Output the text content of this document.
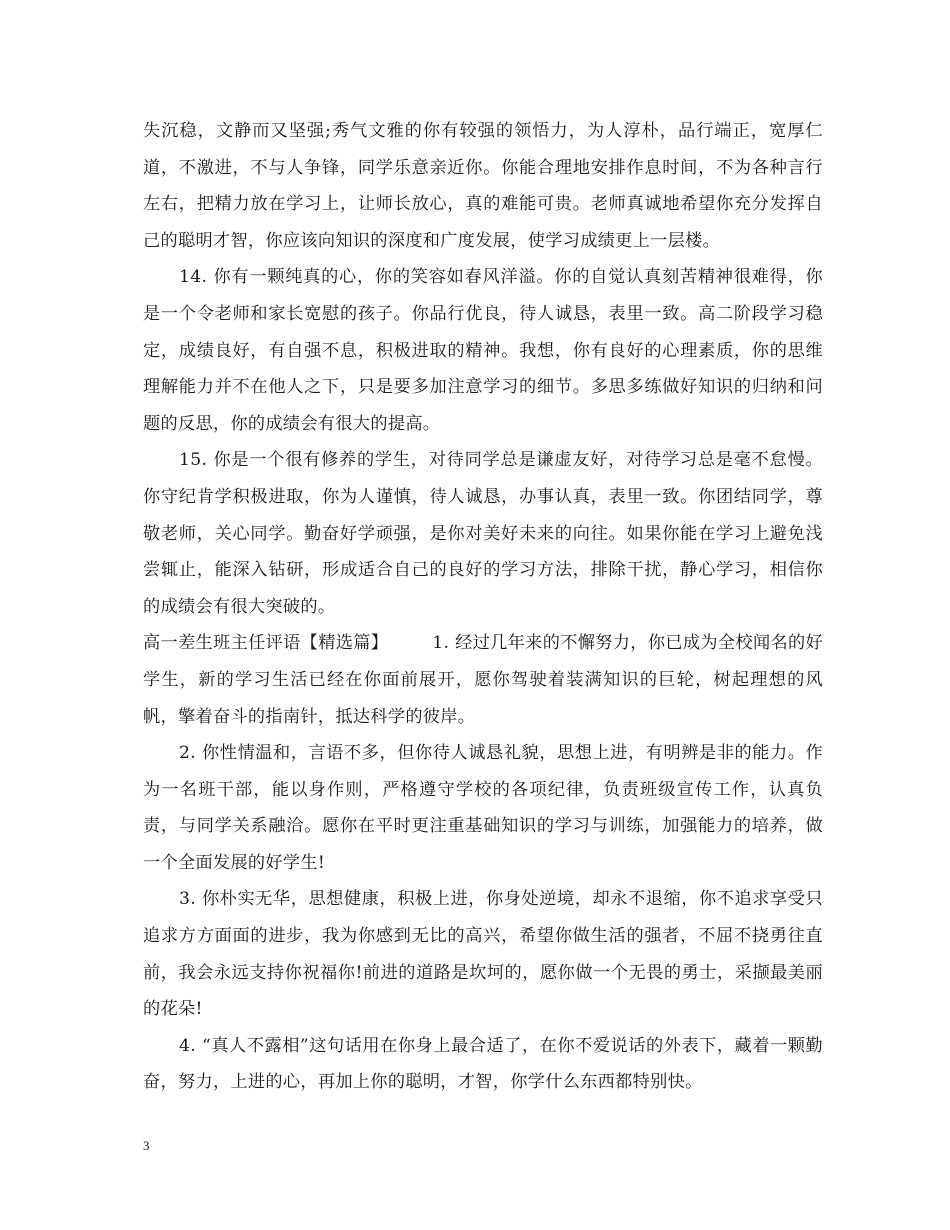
失沉稳，文静而又坚强;秀气文雅的你有较强的领悟力，为人淳朴，品行端正，宽厚仁道，不激进，不与人争锋，同学乐意亲近你。你能合理地安排作息时间，不为各种言行左右，把精力放在学习上，让师长放心，真的难能可贵。老师真诚地希望你充分发挥自己的聪明才智，你应该向知识的深度和广度发展，使学习成绩更上一层楼。

14. 你有一颗纯真的心，你的笑容如春风洋溢。你的自觉认真刻苦精神很难得，你是一个令老师和家长宽慰的孩子。你品行优良，待人诚恳，表里一致。高二阶段学习稳定，成绩良好，有自强不息，积极进取的精神。我想，你有良好的心理素质，你的思维理解能力并不在他人之下，只是要多加注意学习的细节。多思多练做好知识的归纳和问题的反思，你的成绩会有很大的提高。

15. 你是一个很有修养的学生，对待同学总是谦虚友好，对待学习总是毫不怠慢。你守纪肯学积极进取，你为人谨慎，待人诚恳，办事认真，表里一致。你团结同学，尊敬老师，关心同学。勤奋好学顽强，是你对美好未来的向往。如果你能在学习上避免浅尝辄止，能深入钻研，形成适合自己的良好的学习方法，排除干扰，静心学习，相信你的成绩会有很大突破的。

高一差生班主任评语【精选篇】	1. 经过几年来的不懈努力，你已成为全校闻名的好学生，新的学习生活已经在你面前展开，愿你驾驶着装满知识的巨轮，树起理想的风帆，擎着奋斗的指南针，抵达科学的彼岸。

2. 你性情温和，言语不多，但你待人诚恳礼貌，思想上进，有明辨是非的能力。作为一名班干部，能以身作则，严格遵守学校的各项纪律，负责班级宣传工作，认真负责，与同学关系融洽。愿你在平时更注重基础知识的学习与训练，加强能力的培养，做一个全面发展的好学生!

3. 你朴实无华，思想健康，积极上进，你身处逆境，却永不退缩，你不追求享受只追求方方面面的进步，我为你感到无比的高兴，希望你做生活的强者，不屈不挠勇往直前，我会永远支持你祝福你!前进的道路是坎坷的，愿你做一个无畏的勇士，采撷最美丽的花朵!

4. “真人不露相”这句话用在你身上最合适了，在你不爱说话的外表下，藏着一颗勤奋，努力，上进的心，再加上你的聪明，才智，你学什么东西都特别快。

3
